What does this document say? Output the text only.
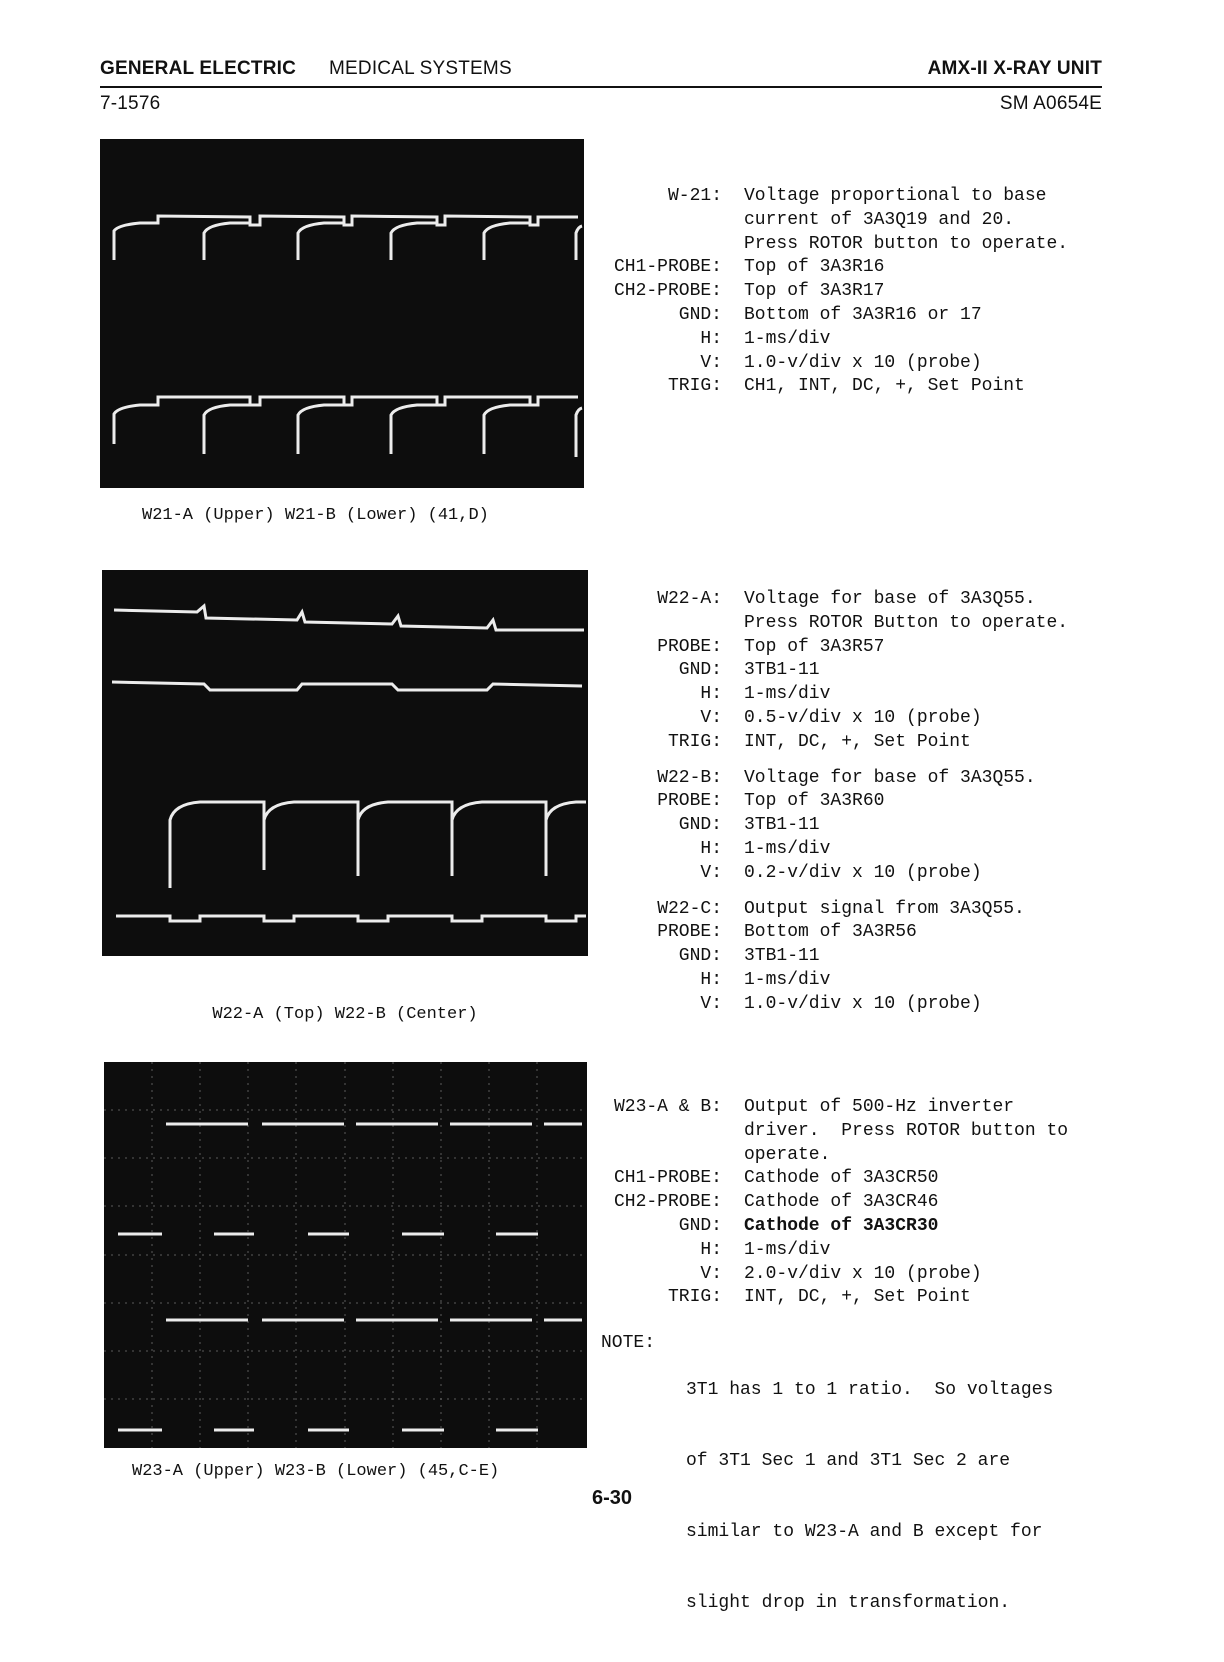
GENERAL ELECTRIC MEDICAL SYSTEMS	AMX-II X-RAY UNIT
7-1576	SM A0654E
W21-A (Upper) W21-B (Lower) (41,D)
W-21: Voltage proportional to base
current of 3A3Q19 and 20.
Press ROTOR button to operate.
CH1-PROBE:	Top of 3A3R16
CH2-PROBE:	Top of 3A3R17
GND:	Bottom of 3A3R16 or 17
H:	1-ms/div
V:	1.0-v/div x 10 (probe)
TRIG:	CH1, INT, DC, +, Set Point

W22-A (Top) W22-B (Center)

W22-A: Voltage for base of 3A3Q55.
Press ROTOR Button to operate.
PROBE:	Top of 3A3R57
GND:	3TB1-11
H:	1-ms/div
V:	0.5-v/div x 10 (probe)
TRIG:	INT, DC, +, Set Point
W22-B:	Voltage for base of 3A3Q55.
PROBE:	Top of 3A3R60
GND:	3TB1-11
H:	1-ms/div
V:	0.2-v/div x 10 (probe)
W22-C:	Output signal from 3A3Q55.
PROBE:	Bottom of 3A3R56
GND:	3TB1-11
H:	1-ms/div
V:	1.0-v/div x 10 (probe)
W23-A (Upper) W23-B (Lower) (45,C-E)
W23-A & B: Output of 500-Hz inverter
driver.  Press ROTOR button to
operate.
CH1-PROBE:	Cathode of 3A3CR50
CH2-PROBE:	Cathode of 3A3CR46
GND:	Cathode of 3A3CR30
H:	1-ms/div
V:	2.0-v/div x 10 (probe)
TRIG:	INT, DC, +, Set Point
NOTE:

3T1 has 1 to 1 ratio.  So voltages

of 3T1 Sec 1 and 3T1 Sec 2 are

similar to W23-A and B except for

slight drop in transformation.

6-30
